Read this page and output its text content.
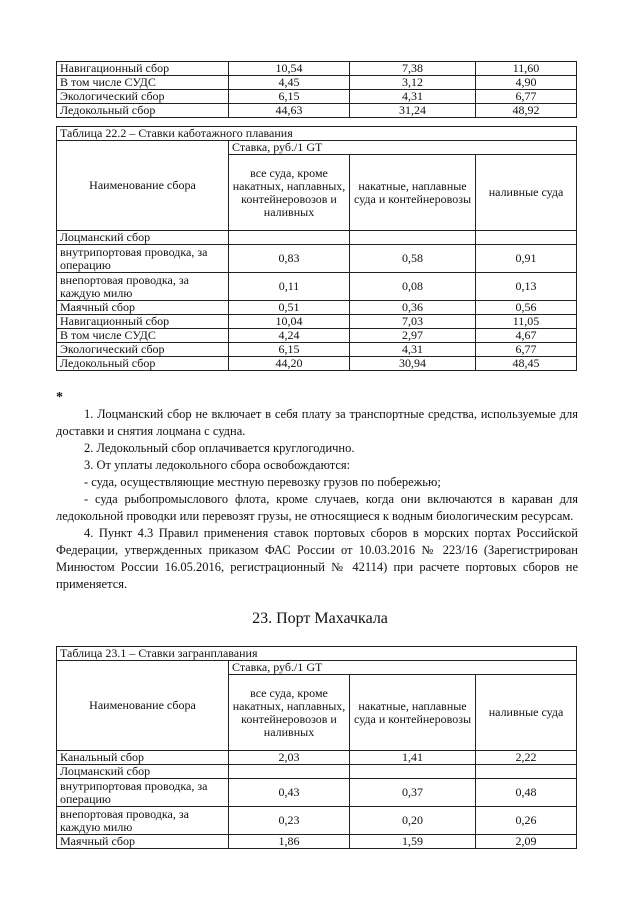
Навигационный сбор	10,54	7,38	11,60
В том числе СУДС	4,45	3,12	4,90
Экологический сбор	6,15	4,31	6,77
Ледокольный сбор	44,63	31,24	48,92
Таблица 22.2 – Ставки каботажного плавания			
Наименование сбора	Ставка, руб./1 GT		
	все суда, кроме накатных, наплавных, контейнеровозов и наливных	накатные, наплавные суда и контейнеровозы	наливные суда
Лоцманский сбор			
внутрипортовая проводка, за операцию	0,83	0,58	0,91
внепортовая проводка, за каждую милю	0,11	0,08	0,13
Маячный сбор	0,51	0,36	0,56
Навигационный сбор	10,04	7,03	11,05
В том числе СУДС	4,24	2,97	4,67
Экологический сбор	6,15	4,31	6,77
Ледокольный сбор	44,20	30,94	48,45
*

1. Лоцманский сбор не включает в себя плату за транспортные средства, используемые для доставки и снятия лоцмана с судна.

2. Ледокольный сбор оплачивается круглогодично.

3. От уплаты ледокольного сбора освобождаются:

- суда, осуществляющие местную перевозку грузов по побережью;

- суда рыбопромыслового флота, кроме случаев, когда они включаются в караван для ледокольной проводки или перевозят грузы, не относящиеся к водным биологическим ресурсам.

4. Пункт 4.3 Правил применения ставок портовых сборов в морских портах Российской Федерации, утвержденных приказом ФАС России от 10.03.2016 № 223/16 (Зарегистрирован Минюстом России 16.05.2016, регистрационный № 42114) при расчете портовых сборов не применяется.

23. Порт Махачкала
Таблица 23.1 – Ставки загранплавания			
Наименование сбора	Ставка, руб./1 GT		
	все суда, кроме накатных, наплавных, контейнеровозов и наливных	накатные, наплавные суда и контейнеровозы	наливные суда
Канальный сбор	2,03	1,41	2,22
Лоцманский сбор			
внутрипортовая проводка, за операцию	0,43	0,37	0,48
внепортовая проводка, за каждую милю	0,23	0,20	0,26
Маячный сбор	1,86	1,59	2,09
